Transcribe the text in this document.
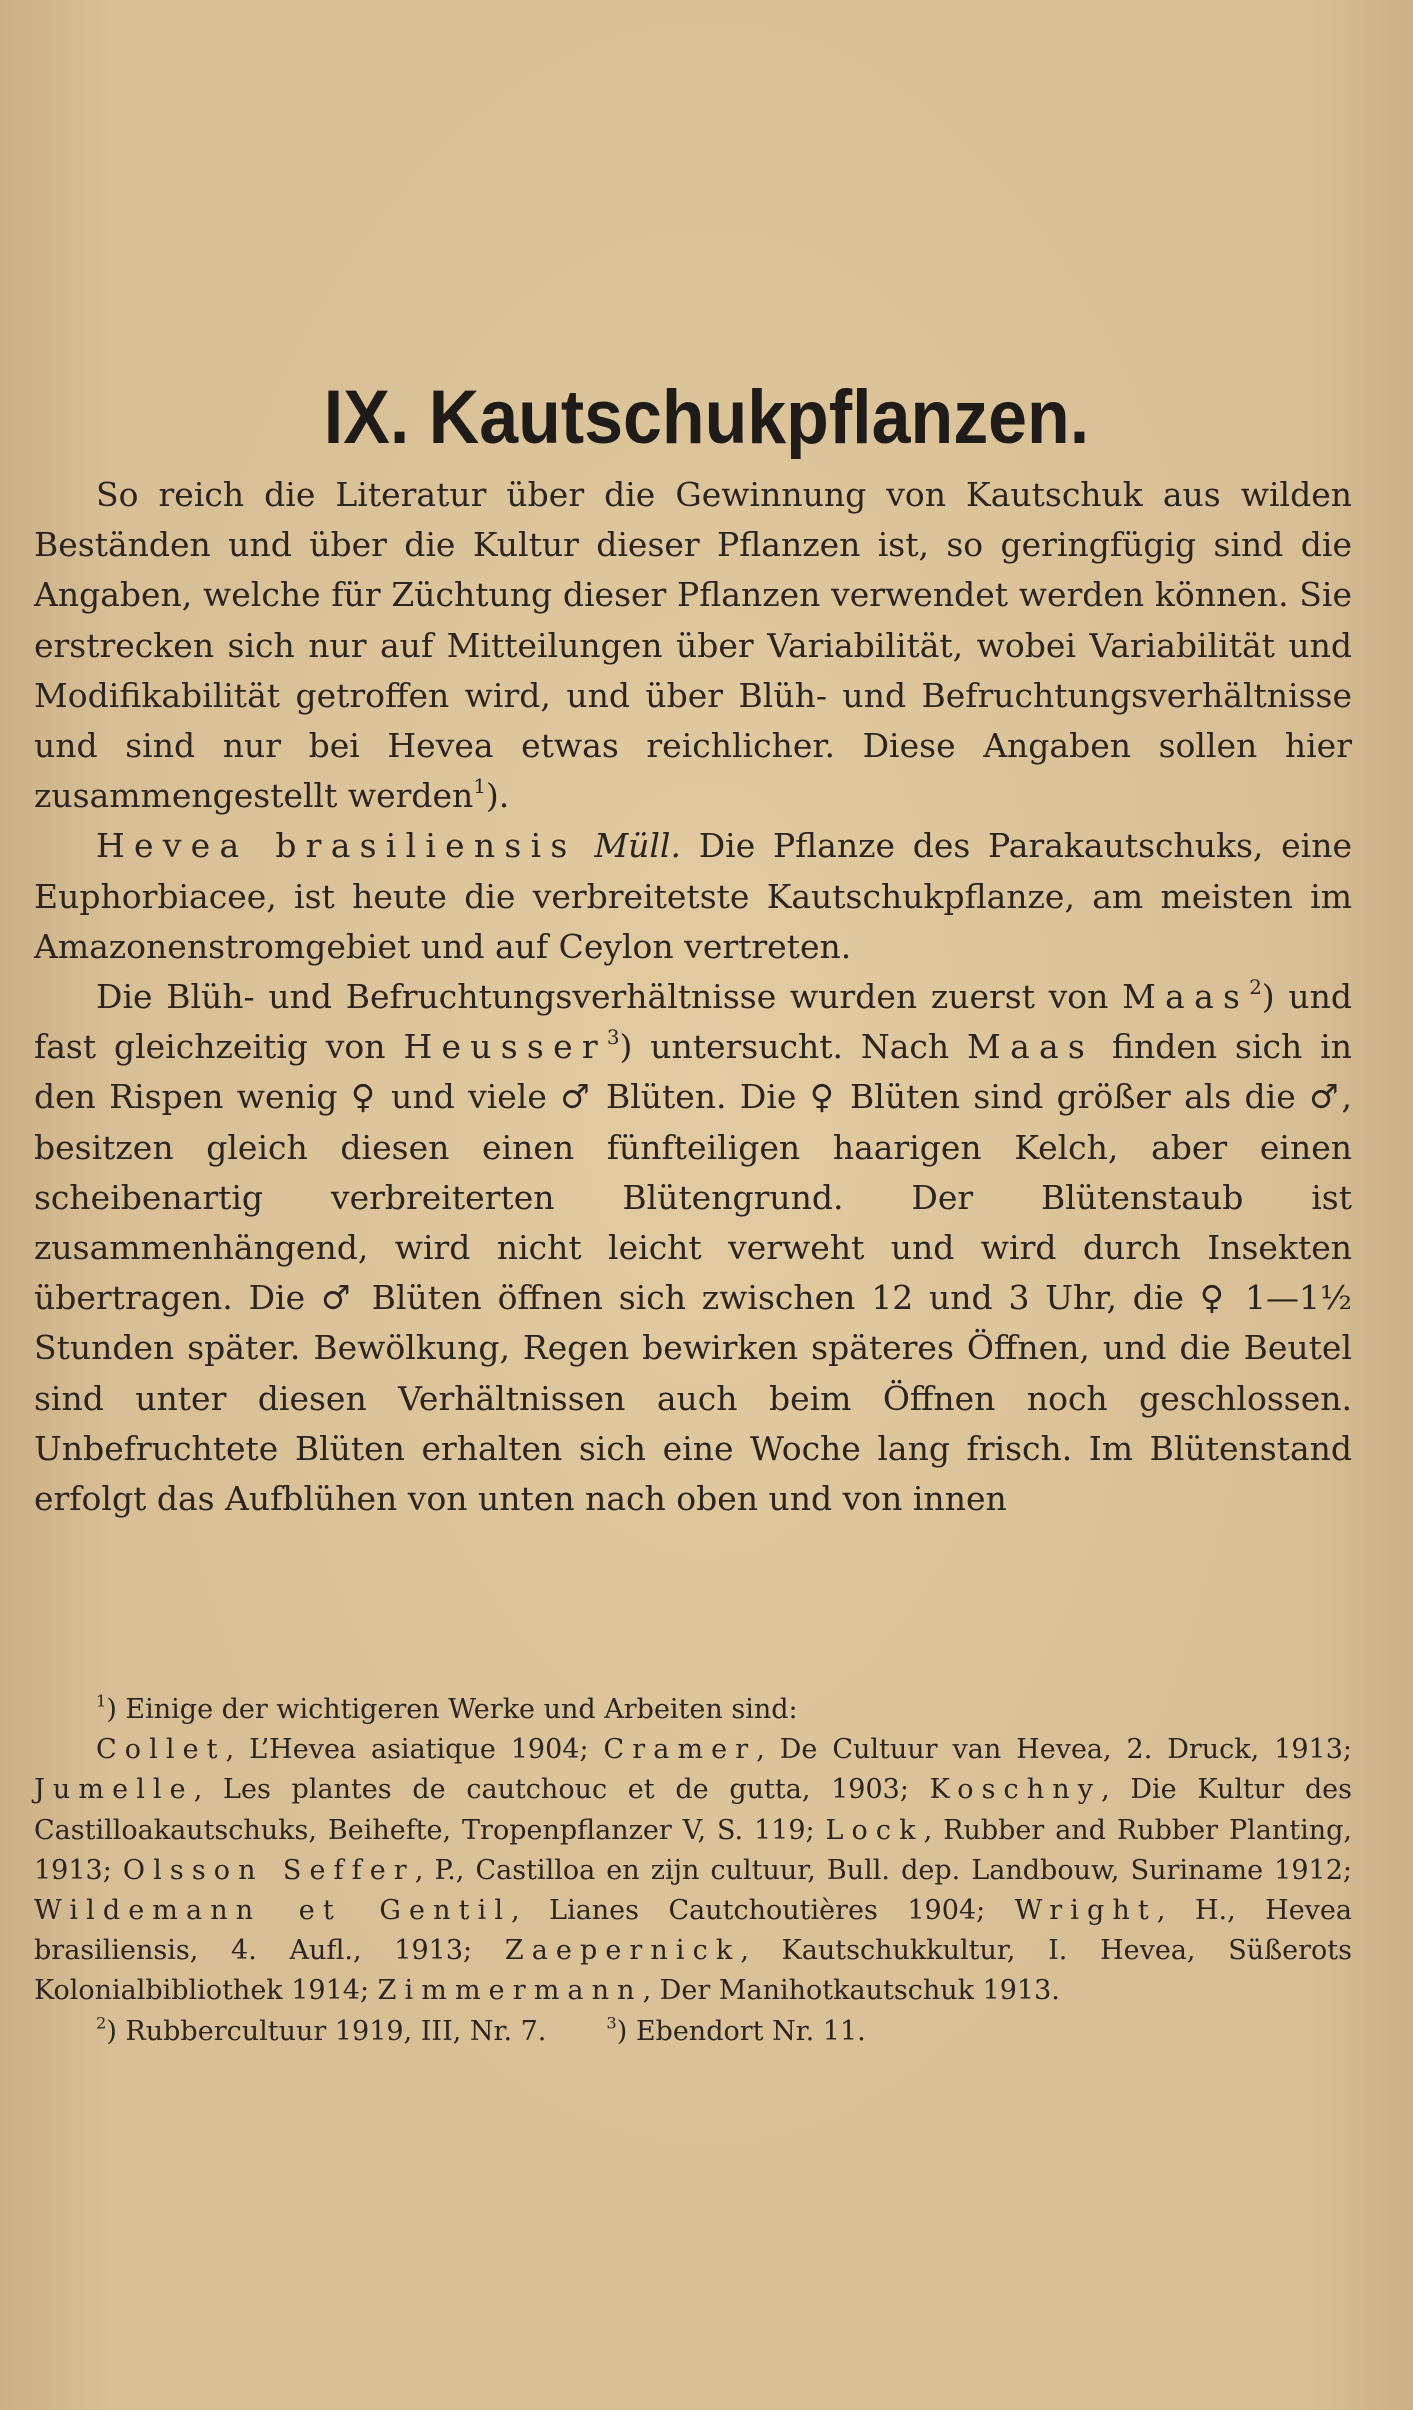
IX. Kautschukpflanzen.

So reich die Literatur über die Gewinnung von Kautschuk aus wilden Beständen und über die Kultur dieser Pflanzen ist, so geringfügig sind die Angaben, welche für Züchtung dieser Pflanzen verwendet werden können. Sie erstrecken sich nur auf Mitteilungen über Variabilität, wobei Variabilität und Modifikabilität getroffen wird, und über Blüh- und Befruchtungsverhältnisse und sind nur bei Hevea etwas reichlicher. Diese Angaben sollen hier zusammengestellt werden$^1$).

Hevea brasiliensis Müll. Die Pflanze des Parakautschuks, eine Euphorbiacee, ist heute die verbreitetste Kautschukpflanze, am meisten im Amazonenstromgebiet und auf Ceylon vertreten.

Die Blüh- und Befruchtungsverhältnisse wurden zuerst von Maas$^2$) und fast gleichzeitig von Heusser$^3$) untersucht. Nach Maas finden sich in den Rispen wenig ♀ und viele ♂ Blüten. Die ♀ Blüten sind größer als die ♂, besitzen gleich diesen einen fünfteiligen haarigen Kelch, aber einen scheibenartig verbreiterten Blütengrund. Der Blütenstaub ist zusammenhängend, wird nicht leicht verweht und wird durch Insekten übertragen. Die ♂ Blüten öffnen sich zwischen 12 und 3 Uhr, die ♀ 1—1½ Stunden später. Bewölkung, Regen bewirken späteres Öffnen, und die Beutel sind unter diesen Verhältnissen auch beim Öffnen noch geschlossen. Unbefruchtete Blüten erhalten sich eine Woche lang frisch. Im Blütenstand erfolgt das Aufblühen von unten nach oben und von innen

$^1$) Einige der wichtigeren Werke und Arbeiten sind:

Collet, L’Hevea asiatique 1904; Cramer, De Cultuur van Hevea, 2. Druck, 1913; Jumelle, Les plantes de cautchouc et de gutta, 1903; Koschny, Die Kultur des Castilloakautschuks, Beihefte, Tropenpflanzer V, S. 119; Lock, Rubber and Rubber Planting, 1913; Olsson Seffer, P., Castilloa en zijn cultuur, Bull. dep. Landbouw, Suriname 1912; Wildemann et Gentil, Lianes Cautchoutières 1904; Wright, H., Hevea brasiliensis, 4. Aufl., 1913; Zaepernick, Kautschukkultur, I. Hevea, Süßerots Kolonialbibliothek 1914; Zimmermann, Der Manihotkautschuk 1913.

$^2$) Rubbercultuur 1919, III, Nr. 7.	$^3$) Ebendort Nr. 11.
